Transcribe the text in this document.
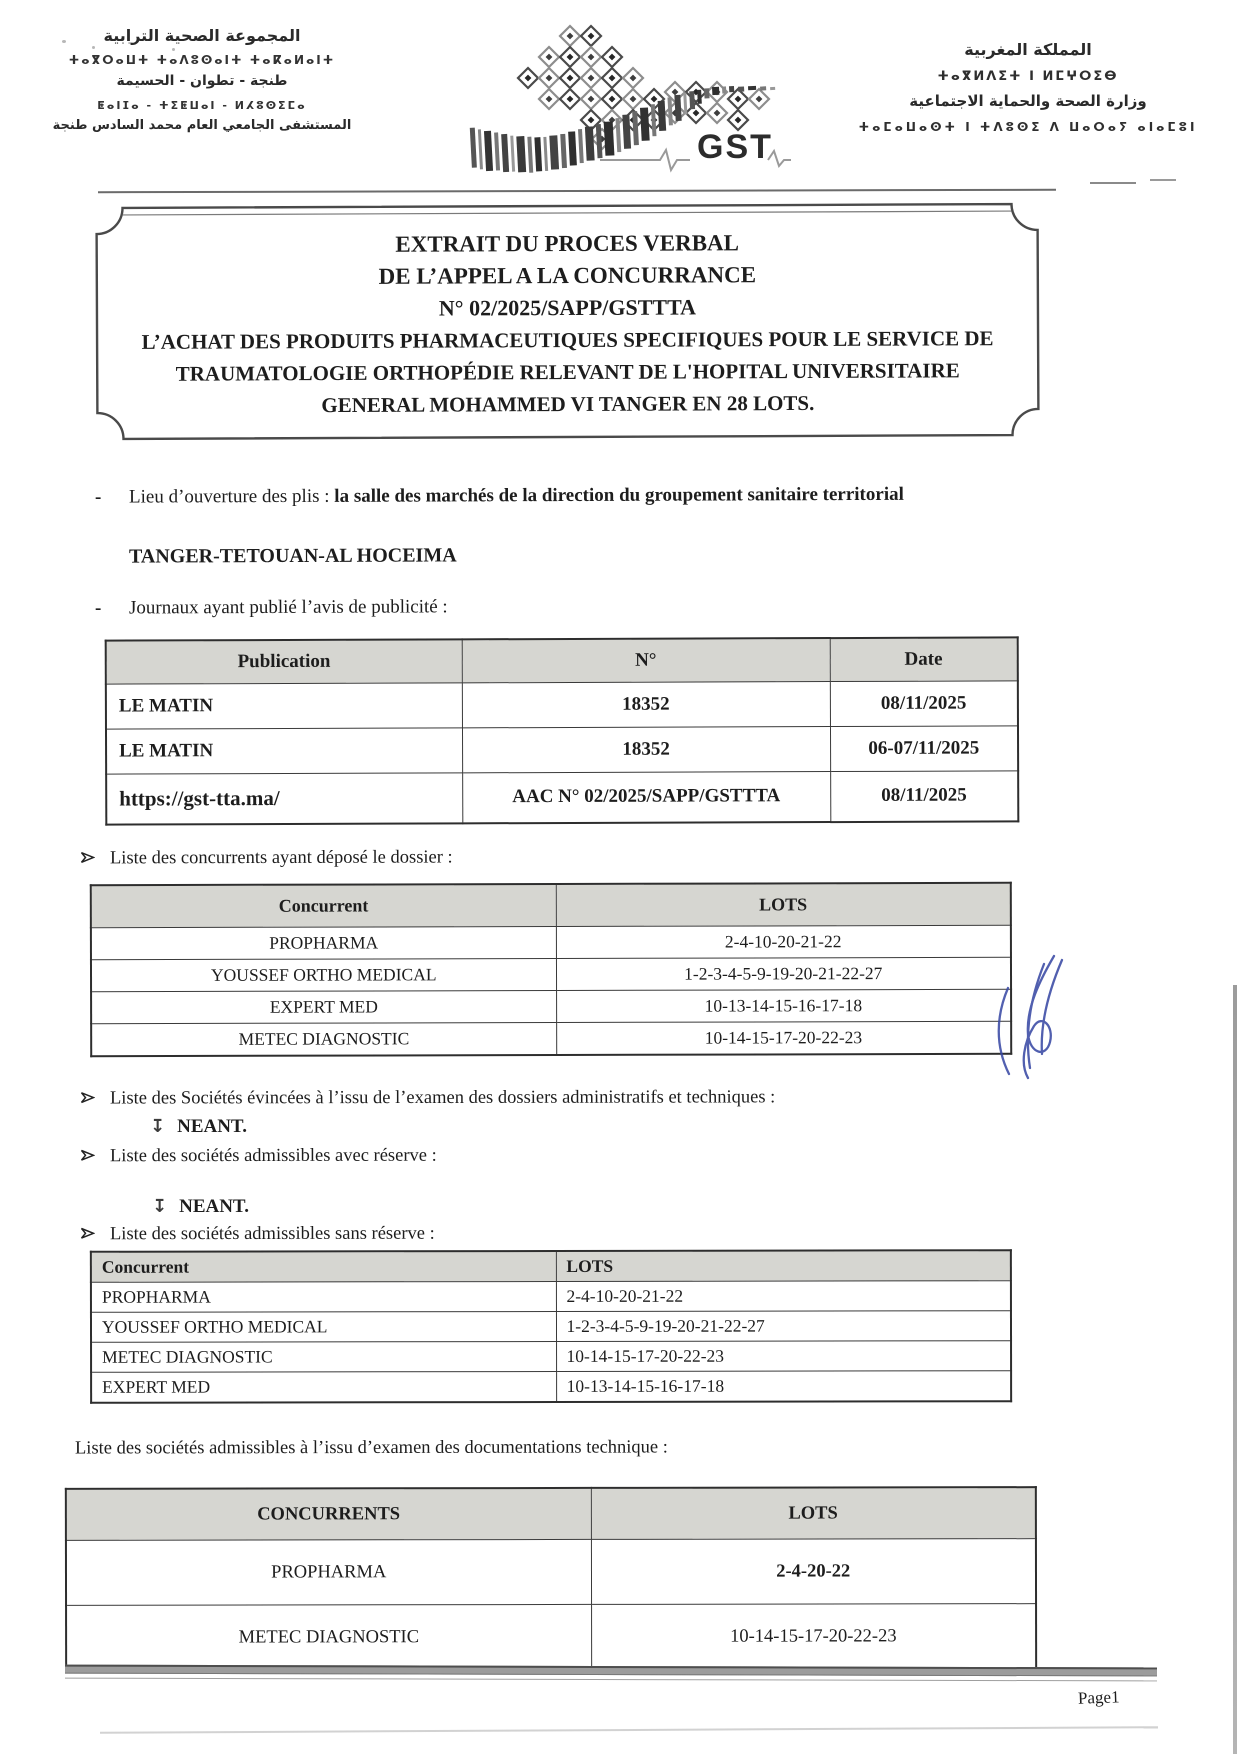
المجموعة الصحية الترابية
ⵜⴰⴳⵔⴰⵡⵜ ⵜⴰⴷⵓⵙⴰⵏⵜ ⵜⴰⴽⴰⵍⴰⵏⵜ
طنجة - تطوان - الحسيمة
ⵟⴰⵏⵊⴰ - ⵜⵉⵟⵡⴰⵏ - ⵍⵃⵓⵙⵉⵎⴰ
المستشفى الجامعي العام محمد السادس طنجة
GST
المملكة المغربية
ⵜⴰⴳⵍⴷⵉⵜ ⵏ ⵍⵎⵖⵔⵉⴱ
وزارة الصحة والحماية الاجتماعية
ⵜⴰⵎⴰⵡⴰⵙⵜ ⵏ ⵜⴷⵓⵙⵉ ⴷ ⵡⴰⵔⴰⵢ ⴰⵏⴰⵎⵓⵏ
EXTRAIT DU PROCES VERBAL
DE L’APPEL A LA CONCURRANCE
N° 02/2025/SAPP/GSTTTA
L’ACHAT DES PRODUITS PHARMACEUTIQUES SPECIFIQUES POUR LE SERVICE DE
TRAUMATOLOGIE ORTHOPÉDIE RELEVANT DE L'HOPITAL UNIVERSITAIRE
GENERAL MOHAMMED VI TANGER EN 28 LOTS.
- Lieu d’ouverture des plis : la salle des marchés de la direction du groupement sanitaire territorial
TANGER-TETOUAN-AL HOCEIMA
- Journaux ayant publié l’avis de publicité :
Publication	N°	Date
LE MATIN	18352	08/11/2025
LE MATIN	18352	06-07/11/2025
https://gst-tta.ma/	AAC N° 02/2025/SAPP/GSTTTA	08/11/2025
Liste des concurrents ayant déposé le dossier :
Concurrent	LOTS
PROPHARMA	2-4-10-20-21-22
YOUSSEF ORTHO MEDICAL	1-2-3-4-5-9-19-20-21-22-27
EXPERT MED	10-13-14-15-16-17-18
METEC DIAGNOSTIC	10-14-15-17-20-22-23
Liste des Sociétés évincées à l’issu de l’examen des dossiers administratifs et techniques :
↧ NEANT.
Liste des sociétés admissibles avec réserve :
↧ NEANT.
Liste des sociétés admissibles sans réserve :
Concurrent	LOTS
PROPHARMA	2-4-10-20-21-22
YOUSSEF ORTHO MEDICAL	1-2-3-4-5-9-19-20-21-22-27
METEC DIAGNOSTIC	10-14-15-17-20-22-23
EXPERT MED	10-13-14-15-16-17-18
Liste des sociétés admissibles à l’issu d’examen des documentations technique :
CONCURRENTS	LOTS
PROPHARMA	2-4-20-22
METEC DIAGNOSTIC	10-14-15-17-20-22-23
Page1
